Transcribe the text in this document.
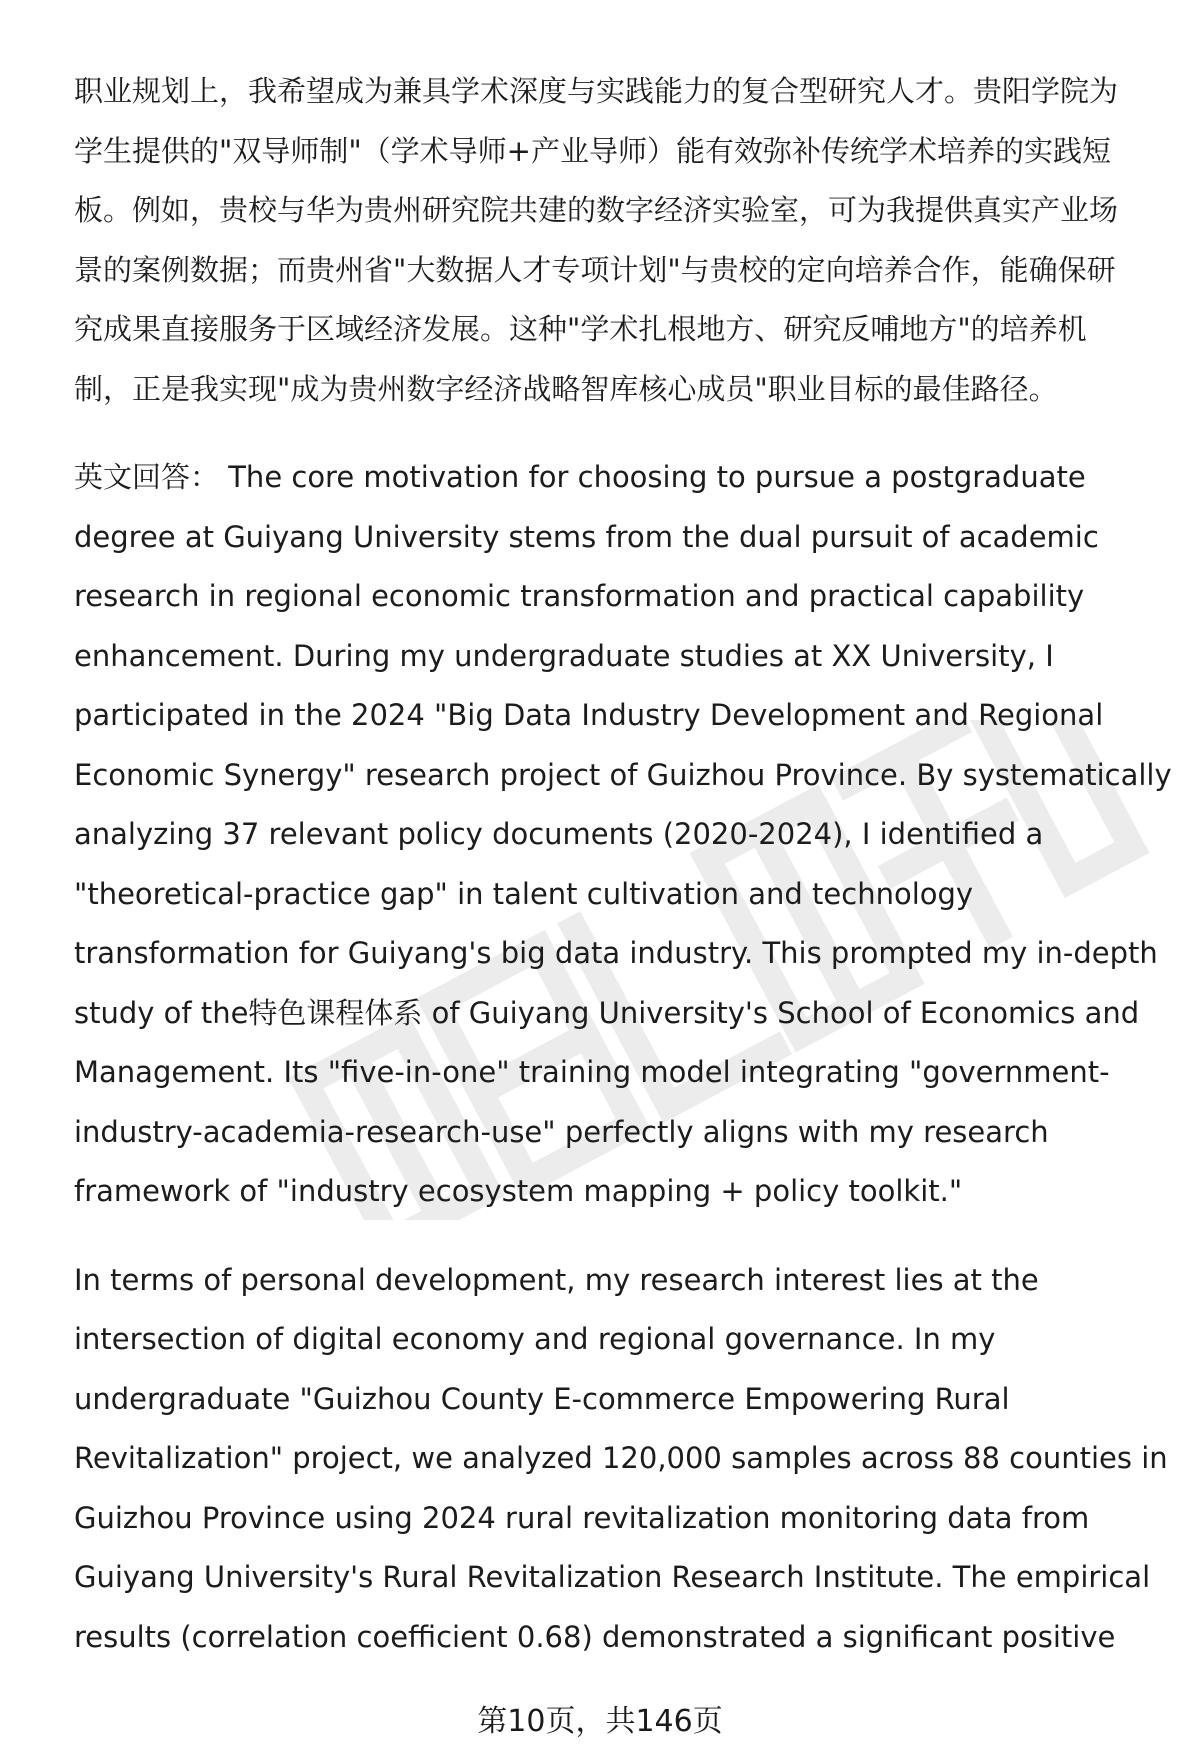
职业规划上，我希望成为兼具学术深度与实践能力的复合型研究人才。贵阳学院为
学生提供的"双导师制"（学术导师+产业导师）能有效弥补传统学术培养的实践短
板。例如，贵校与华为贵州研究院共建的数字经济实验室，可为我提供真实产业场
景的案例数据；而贵州省"大数据人才专项计划"与贵校的定向培养合作，能确保研
究成果直接服务于区域经济发展。这种"学术扎根地方、研究反哺地方"的培养机
制，正是我实现"成为贵州数字经济战略智库核心成员"职业目标的最佳路径。

英文回答： The core motivation for choosing to pursue a postgraduate
degree at Guiyang University stems from the dual pursuit of academic
research in regional economic transformation and practical capability
enhancement. During my undergraduate studies at XX University, I
participated in the 2024 "Big Data Industry Development and Regional
Economic Synergy" research project of Guizhou Province. By systematically
analyzing 37 relevant policy documents (2020-2024), I identified a
"theoretical-practice gap" in talent cultivation and technology
transformation for Guiyang's big data industry. This prompted my in-depth
study of the特色课程体系 of Guiyang University's School of Economics and
Management. Its "five-in-one" training model integrating "government-
industry-academia-research-use" perfectly aligns with my research
framework of "industry ecosystem mapping + policy toolkit."

In terms of personal development, my research interest lies at the
intersection of digital economy and regional governance. In my
undergraduate "Guizhou County E-commerce Empowering Rural
Revitalization" project, we analyzed 120,000 samples across 88 counties in
Guizhou Province using 2024 rural revitalization monitoring data from
Guiyang University's Rural Revitalization Research Institute. The empirical
results (correlation coefficient 0.68) demonstrated a significant positive

第10页，共146页
